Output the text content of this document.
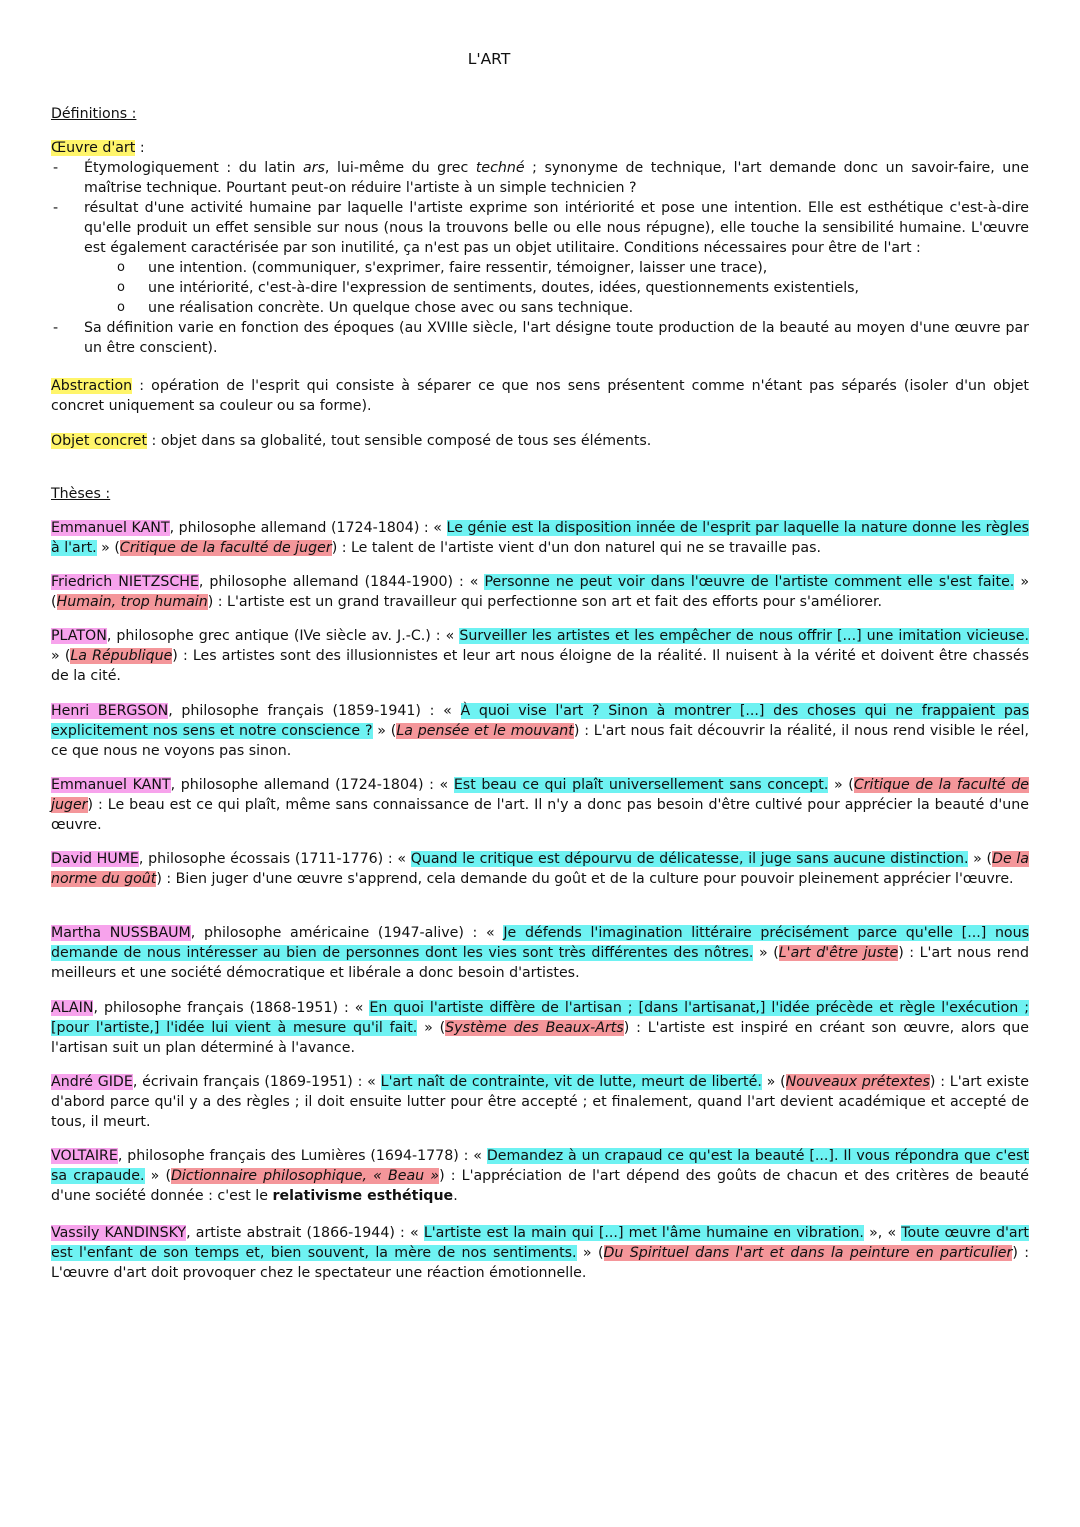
L'ART
Définitions :

Œuvre d'art :

- Étymologiquement : du latin ars, lui-même du grec techné ; synonyme de technique, l'art demande donc un savoir-faire, une maîtrise technique. Pourtant peut-on réduire l'artiste à un simple technicien ?

- résultat d'une activité humaine par laquelle l'artiste exprime son intériorité et pose une intention. Elle est esthétique c'est-à-dire qu'elle produit un effet sensible sur nous (nous la trouvons belle ou elle nous répugne), elle touche la sensibilité humaine. L'œuvre est également caractérisée par son inutilité, ça n'est pas un objet utilitaire. Conditions nécessaires pour être de l'art :

o une intention. (communiquer, s'exprimer, faire ressentir, témoigner, laisser une trace),

o une intériorité, c'est-à-dire l'expression de sentiments, doutes, idées, questionnements existentiels,

o une réalisation concrète. Un quelque chose avec ou sans technique.

- Sa définition varie en fonction des époques (au XVIIIe siècle, l'art désigne toute production de la beauté au moyen d'une œuvre par un être conscient).

Abstraction : opération de l'esprit qui consiste à séparer ce que nos sens présentent comme n'étant pas séparés (isoler d'un objet concret uniquement sa couleur ou sa forme).
Objet concret : objet dans sa globalité, tout sensible composé de tous ses éléments.
Thèses :
Emmanuel KANT, philosophe allemand (1724-1804) : « Le génie est la disposition innée de l'esprit par laquelle la nature donne les règles à l'art. » (Critique de la faculté de juger) : Le talent de l'artiste vient d'un don naturel qui ne se travaille pas.
Friedrich NIETZSCHE, philosophe allemand (1844-1900) : « Personne ne peut voir dans l'œuvre de l'artiste comment elle s'est faite. » (Humain, trop humain) : L'artiste est un grand travailleur qui perfectionne son art et fait des efforts pour s'améliorer.
PLATON, philosophe grec antique (IVe siècle av. J.-C.) : « Surveiller les artistes et les empêcher de nous offrir [...] une imitation vicieuse. » (La République) : Les artistes sont des illusionnistes et leur art nous éloigne de la réalité. Il nuisent à la vérité et doivent être chassés de la cité.
Henri BERGSON, philosophe français (1859-1941) : « À quoi vise l'art ? Sinon à montrer [...] des choses qui ne frappaient pas explicitement nos sens et notre conscience ? » (La pensée et le mouvant) : L'art nous fait découvrir la réalité, il nous rend visible le réel, ce que nous ne voyons pas sinon.
Emmanuel KANT, philosophe allemand (1724-1804) : « Est beau ce qui plaît universellement sans concept. » (Critique de la faculté de juger) : Le beau est ce qui plaît, même sans connaissance de l'art. Il n'y a donc pas besoin d'être cultivé pour apprécier la beauté d'une œuvre.
David HUME, philosophe écossais (1711-1776) : « Quand le critique est dépourvu de délicatesse, il juge sans aucune distinction. » (De la norme du goût) : Bien juger d'une œuvre s'apprend, cela demande du goût et de la culture pour pouvoir pleinement apprécier l'œuvre.
Martha NUSSBAUM, philosophe américaine (1947-alive) : « Je défends l'imagination littéraire précisément parce qu'elle [...] nous demande de nous intéresser au bien de personnes dont les vies sont très différentes des nôtres. » (L'art d'être juste) : L'art nous rend meilleurs et une société démocratique et libérale a donc besoin d'artistes.
ALAIN, philosophe français (1868-1951) : « En quoi l'artiste diffère de l'artisan ; [dans l'artisanat,] l'idée précède et règle l'exécution ; [pour l'artiste,] l'idée lui vient à mesure qu'il fait. » (Système des Beaux-Arts) : L'artiste est inspiré en créant son œuvre, alors que l'artisan suit un plan déterminé à l'avance.
André GIDE, écrivain français (1869-1951) : « L'art naît de contrainte, vit de lutte, meurt de liberté. » (Nouveaux prétextes) : L'art existe d'abord parce qu'il y a des règles ; il doit ensuite lutter pour être accepté ; et finalement, quand l'art devient académique et accepté de tous, il meurt.
VOLTAIRE, philosophe français des Lumières (1694-1778) : « Demandez à un crapaud ce qu'est la beauté [...]. Il vous répondra que c'est sa crapaude. » (Dictionnaire philosophique, « Beau ») : L'appréciation de l'art dépend des goûts de chacun et des critères de beauté d'une société donnée : c'est le relativisme esthétique.
Vassily KANDINSKY, artiste abstrait (1866-1944) : « L'artiste est la main qui [...] met l'âme humaine en vibration. », « Toute œuvre d'art est l'enfant de son temps et, bien souvent, la mère de nos sentiments. » (Du Spirituel dans l'art et dans la peinture en particulier) : L'œuvre d'art doit provoquer chez le spectateur une réaction émotionnelle.
